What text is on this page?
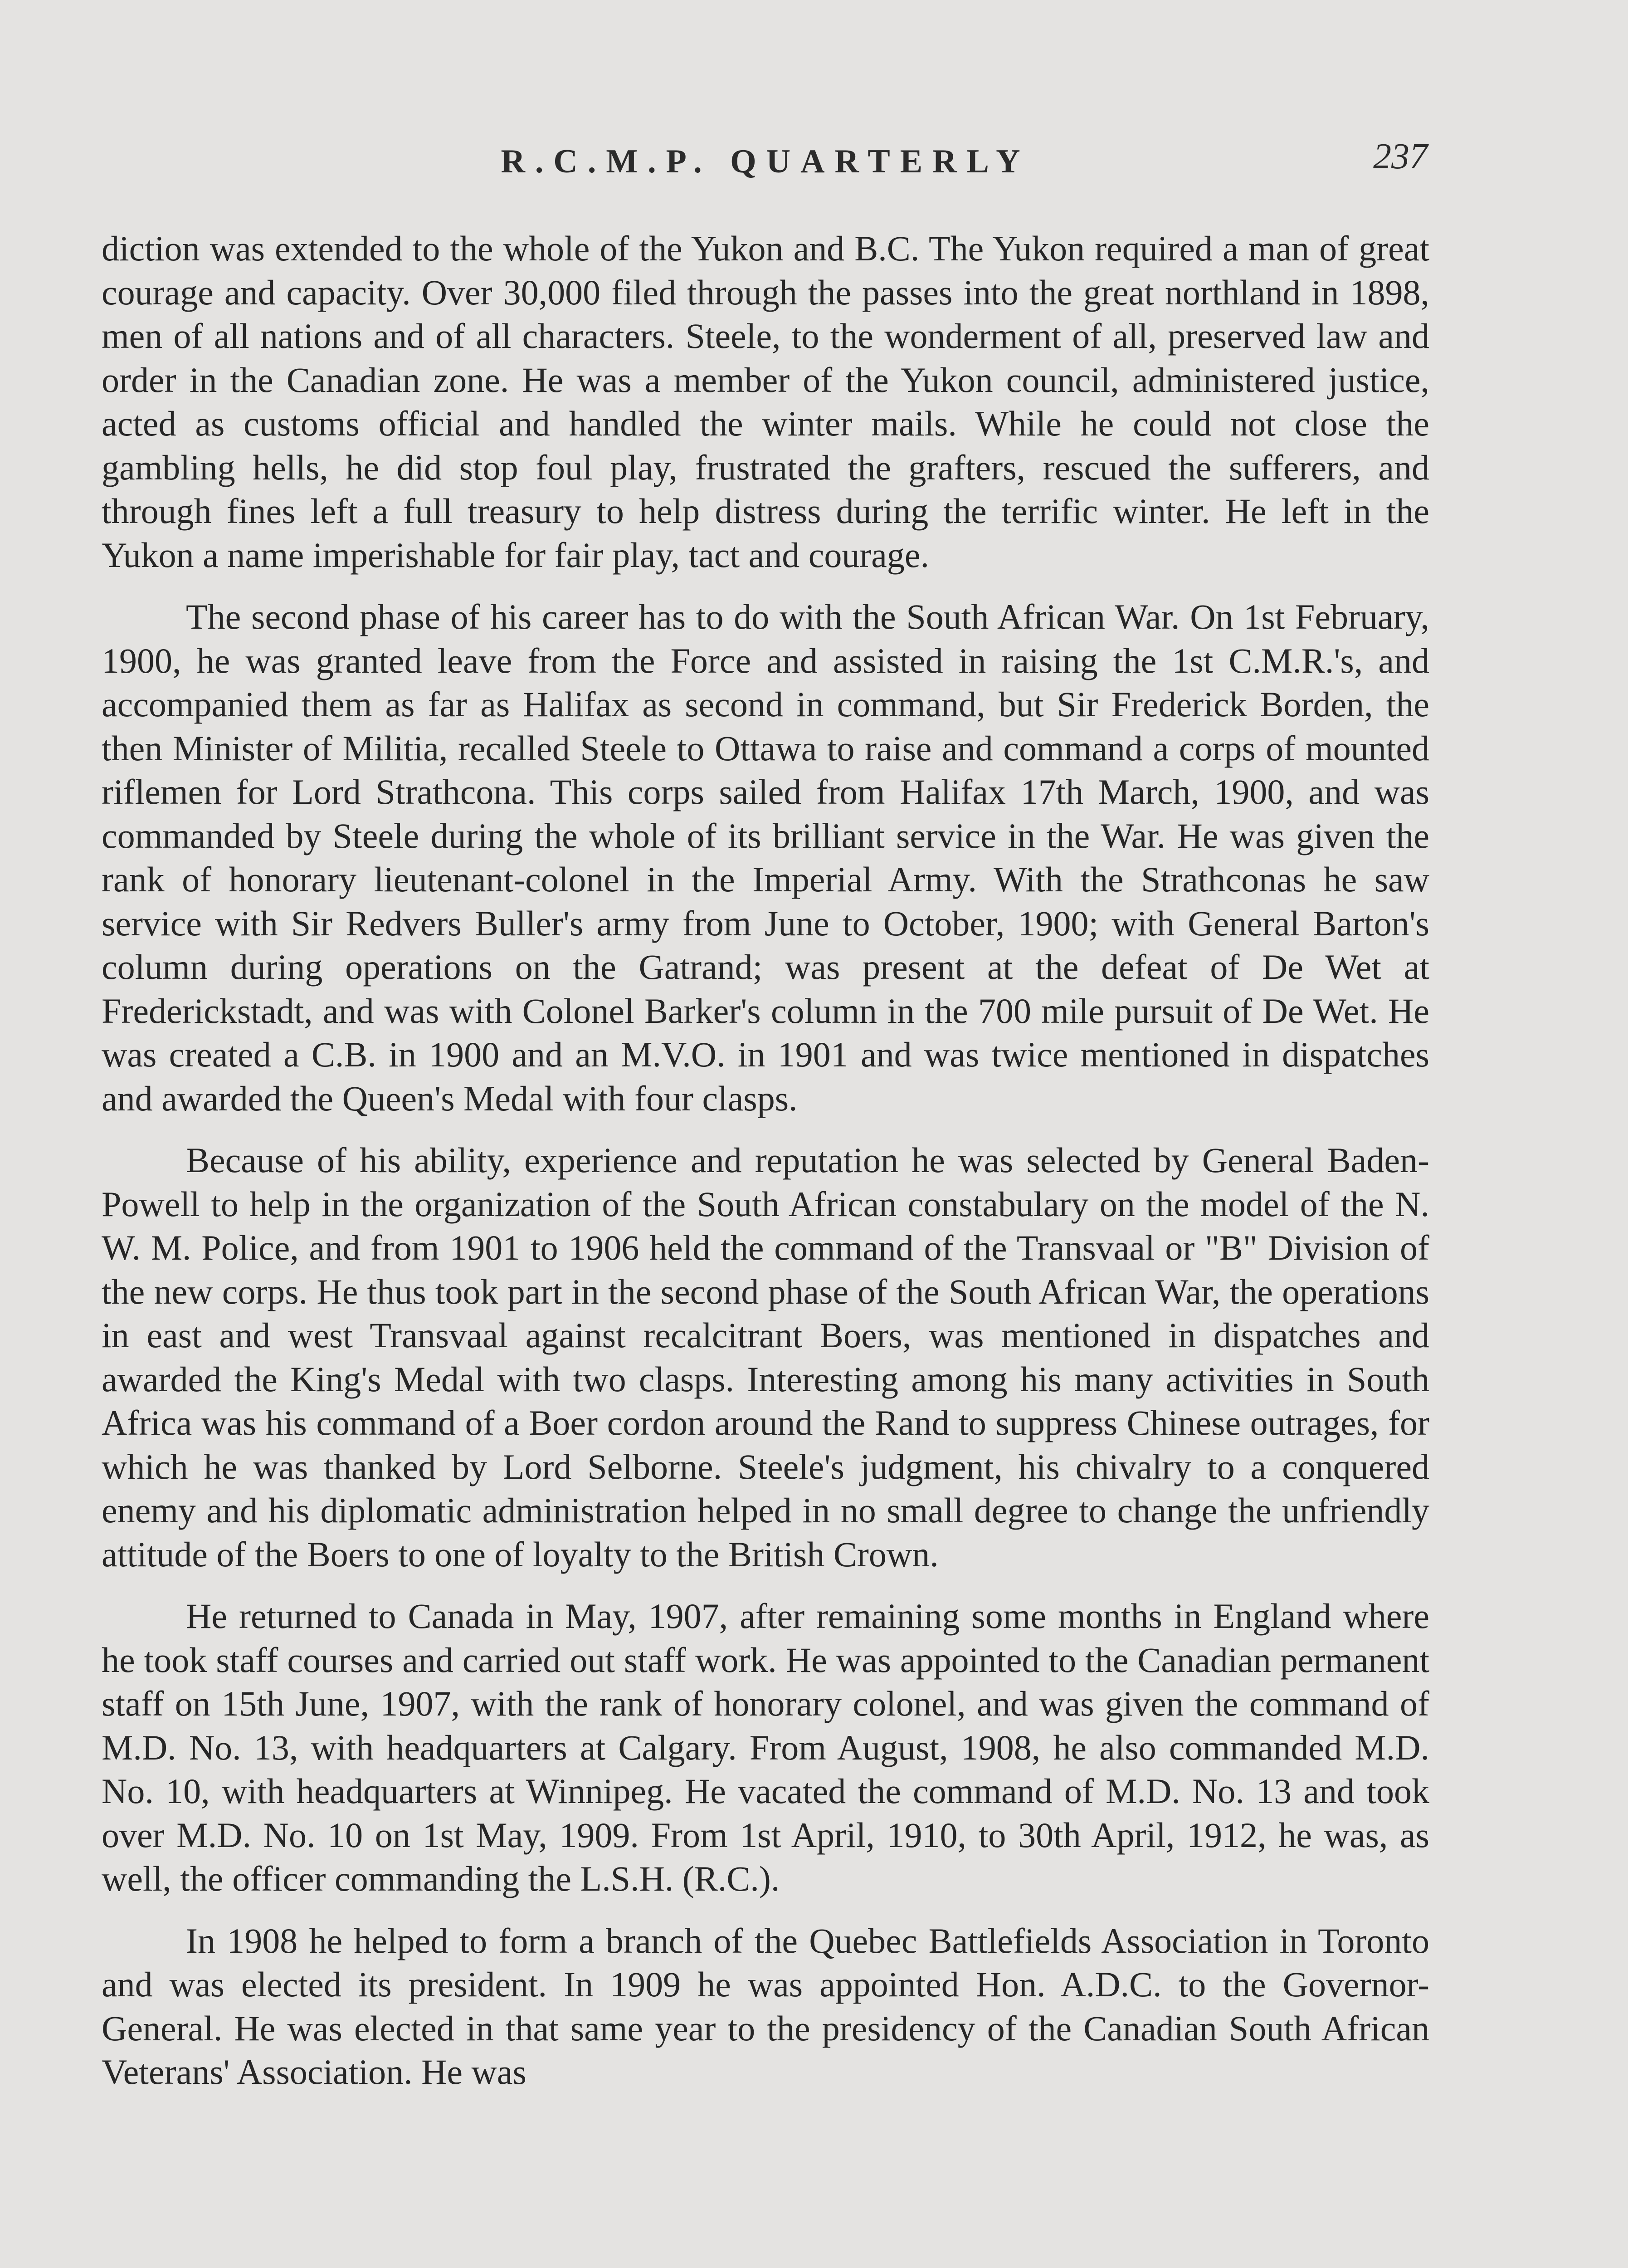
R.C.M.P. QUARTERLY	237

diction was extended to the whole of the Yukon and B.C. The Yukon required a man of great courage and capacity. Over 30,000 filed through the passes into the great northland in 1898, men of all nations and of all characters. Steele, to the wonderment of all, preserved law and order in the Canadian zone. He was a member of the Yukon council, administered justice, acted as customs official and handled the winter mails. While he could not close the gambling hells, he did stop foul play, frustrated the grafters, rescued the sufferers, and through fines left a full treasury to help distress during the terrific winter. He left in the Yukon a name imperishable for fair play, tact and courage.

The second phase of his career has to do with the South African War. On 1st February, 1900, he was granted leave from the Force and assisted in raising the 1st C.M.R.'s, and accompanied them as far as Halifax as second in command, but Sir Frederick Borden, the then Minister of Militia, recalled Steele to Ottawa to raise and command a corps of mounted riflemen for Lord Strathcona. This corps sailed from Halifax 17th March, 1900, and was commanded by Steele during the whole of its brilliant service in the War. He was given the rank of honorary lieutenant-colonel in the Imperial Army. With the Strathconas he saw service with Sir Redvers Buller's army from June to October, 1900; with General Barton's column during operations on the Gatrand; was present at the defeat of De Wet at Frederickstadt, and was with Colonel Barker's column in the 700 mile pursuit of De Wet. He was created a C.B. in 1900 and an M.V.O. in 1901 and was twice mentioned in dispatches and awarded the Queen's Medal with four clasps.

Because of his ability, experience and reputation he was selected by General Baden-Powell to help in the organization of the South African constabulary on the model of the N. W. M. Police, and from 1901 to 1906 held the command of the Transvaal or "B" Division of the new corps. He thus took part in the second phase of the South African War, the operations in east and west Transvaal against recalcitrant Boers, was mentioned in dispatches and awarded the King's Medal with two clasps. Interesting among his many activities in South Africa was his command of a Boer cordon around the Rand to suppress Chinese outrages, for which he was thanked by Lord Selborne. Steele's judgment, his chivalry to a conquered enemy and his diplomatic administration helped in no small degree to change the unfriendly attitude of the Boers to one of loyalty to the British Crown.

He returned to Canada in May, 1907, after remaining some months in England where he took staff courses and carried out staff work. He was appointed to the Canadian permanent staff on 15th June, 1907, with the rank of honorary colonel, and was given the command of M.D. No. 13, with headquarters at Calgary. From August, 1908, he also commanded M.D. No. 10, with headquarters at Winnipeg. He vacated the command of M.D. No. 13 and took over M.D. No. 10 on 1st May, 1909. From 1st April, 1910, to 30th April, 1912, he was, as well, the officer commanding the L.S.H. (R.C.).

In 1908 he helped to form a branch of the Quebec Battlefields Association in Toronto and was elected its president. In 1909 he was appointed Hon. A.D.C. to the Governor-General. He was elected in that same year to the presidency of the Canadian South African Veterans' Association. He was
